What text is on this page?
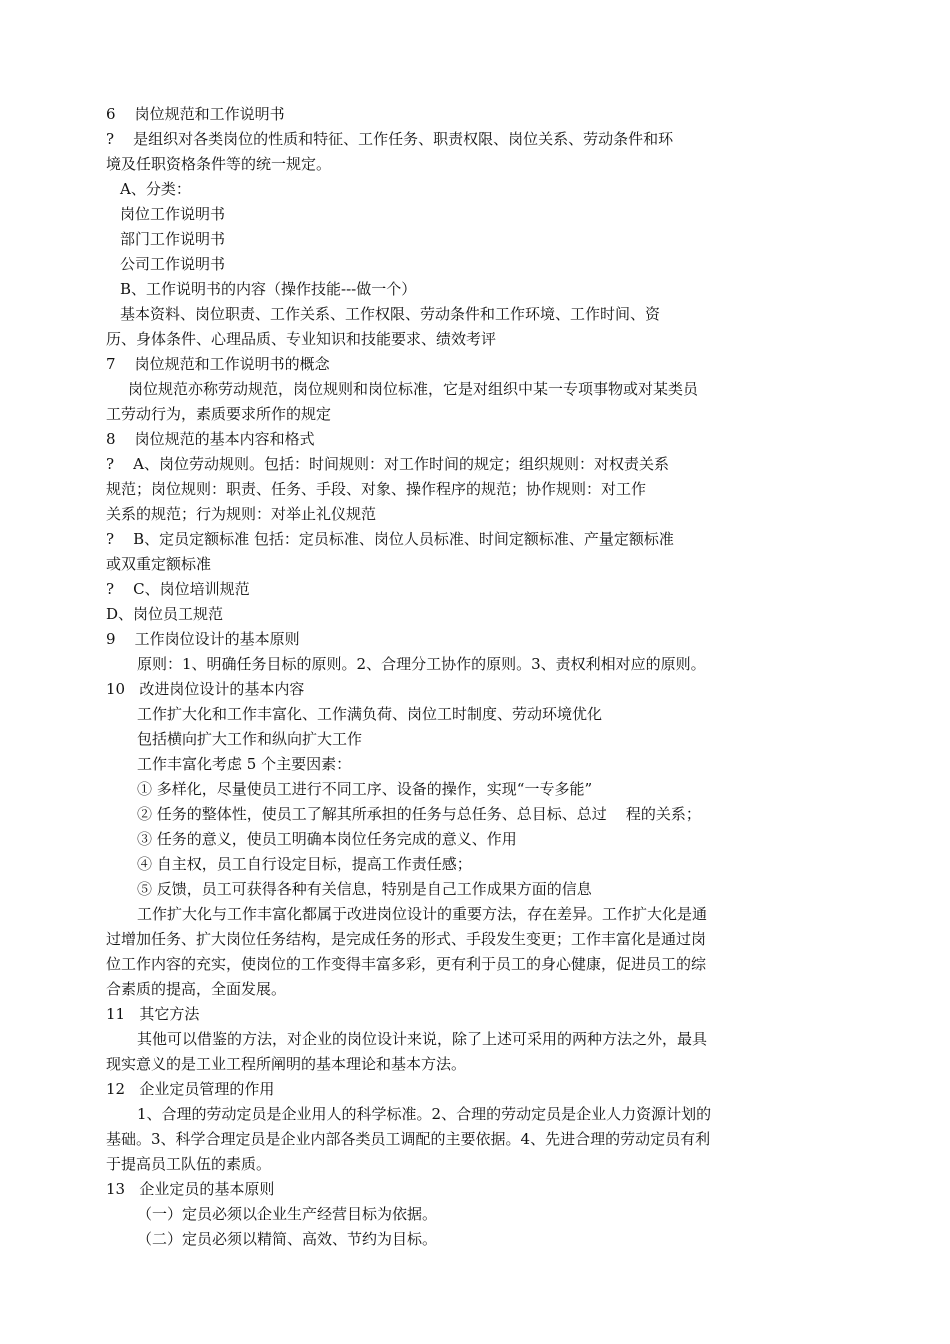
6    岗位规范和工作说明书
?    是组织对各类岗位的性质和特征、工作任务、职责权限、岗位关系、劳动条件和环
境及任职资格条件等的统一规定。
A、分类：
岗位工作说明书
部门工作说明书
公司工作说明书
B、工作说明书的内容（操作技能---做一个）
基本资料、岗位职责、工作关系、工作权限、劳动条件和工作环境、工作时间、资
历、身体条件、心理品质、专业知识和技能要求、绩效考评
7    岗位规范和工作说明书的概念
岗位规范亦称劳动规范，岗位规则和岗位标准，它是对组织中某一专项事物或对某类员
工劳动行为，素质要求所作的规定
8    岗位规范的基本内容和格式
?    A、岗位劳动规则。包括：时间规则：对工作时间的规定；组织规则：对权责关系
规范；岗位规则：职责、任务、手段、对象、操作程序的规范；协作规则：对工作
关系的规范；行为规则：对举止礼仪规范
?    B、定员定额标准 包括：定员标准、岗位人员标准、时间定额标准、产量定额标准
或双重定额标准
?    C、岗位培训规范
D、岗位员工规范
9    工作岗位设计的基本原则
原则：1、明确任务目标的原则。2、合理分工协作的原则。3、责权利相对应的原则。
10   改进岗位设计的基本内容
工作扩大化和工作丰富化、工作满负荷、岗位工时制度、劳动环境优化
包括横向扩大工作和纵向扩大工作
工作丰富化考虑 5 个主要因素：
① 多样化，尽量使员工进行不同工序、设备的操作，实现“一专多能”
② 任务的整体性，使员工了解其所承担的任务与总任务、总目标、总过    程的关系；
③ 任务的意义，使员工明确本岗位任务完成的意义、作用
④ 自主权，员工自行设定目标，提高工作责任感；
⑤ 反馈，员工可获得各种有关信息，特别是自己工作成果方面的信息
工作扩大化与工作丰富化都属于改进岗位设计的重要方法，存在差异。工作扩大化是通
过增加任务、扩大岗位任务结构，是完成任务的形式、手段发生变更；工作丰富化是通过岗
位工作内容的充实，使岗位的工作变得丰富多彩，更有利于员工的身心健康，促进员工的综
合素质的提高，全面发展。
11   其它方法
其他可以借鉴的方法，对企业的岗位设计来说，除了上述可采用的两种方法之外，最具
现实意义的是工业工程所阐明的基本理论和基本方法。
12   企业定员管理的作用
1、合理的劳动定员是企业用人的科学标准。2、合理的劳动定员是企业人力资源计划的
基础。3、科学合理定员是企业内部各类员工调配的主要依据。4、先进合理的劳动定员有利
于提高员工队伍的素质。
13   企业定员的基本原则
（一）定员必须以企业生产经营目标为依据。
（二）定员必须以精简、高效、节约为目标。
